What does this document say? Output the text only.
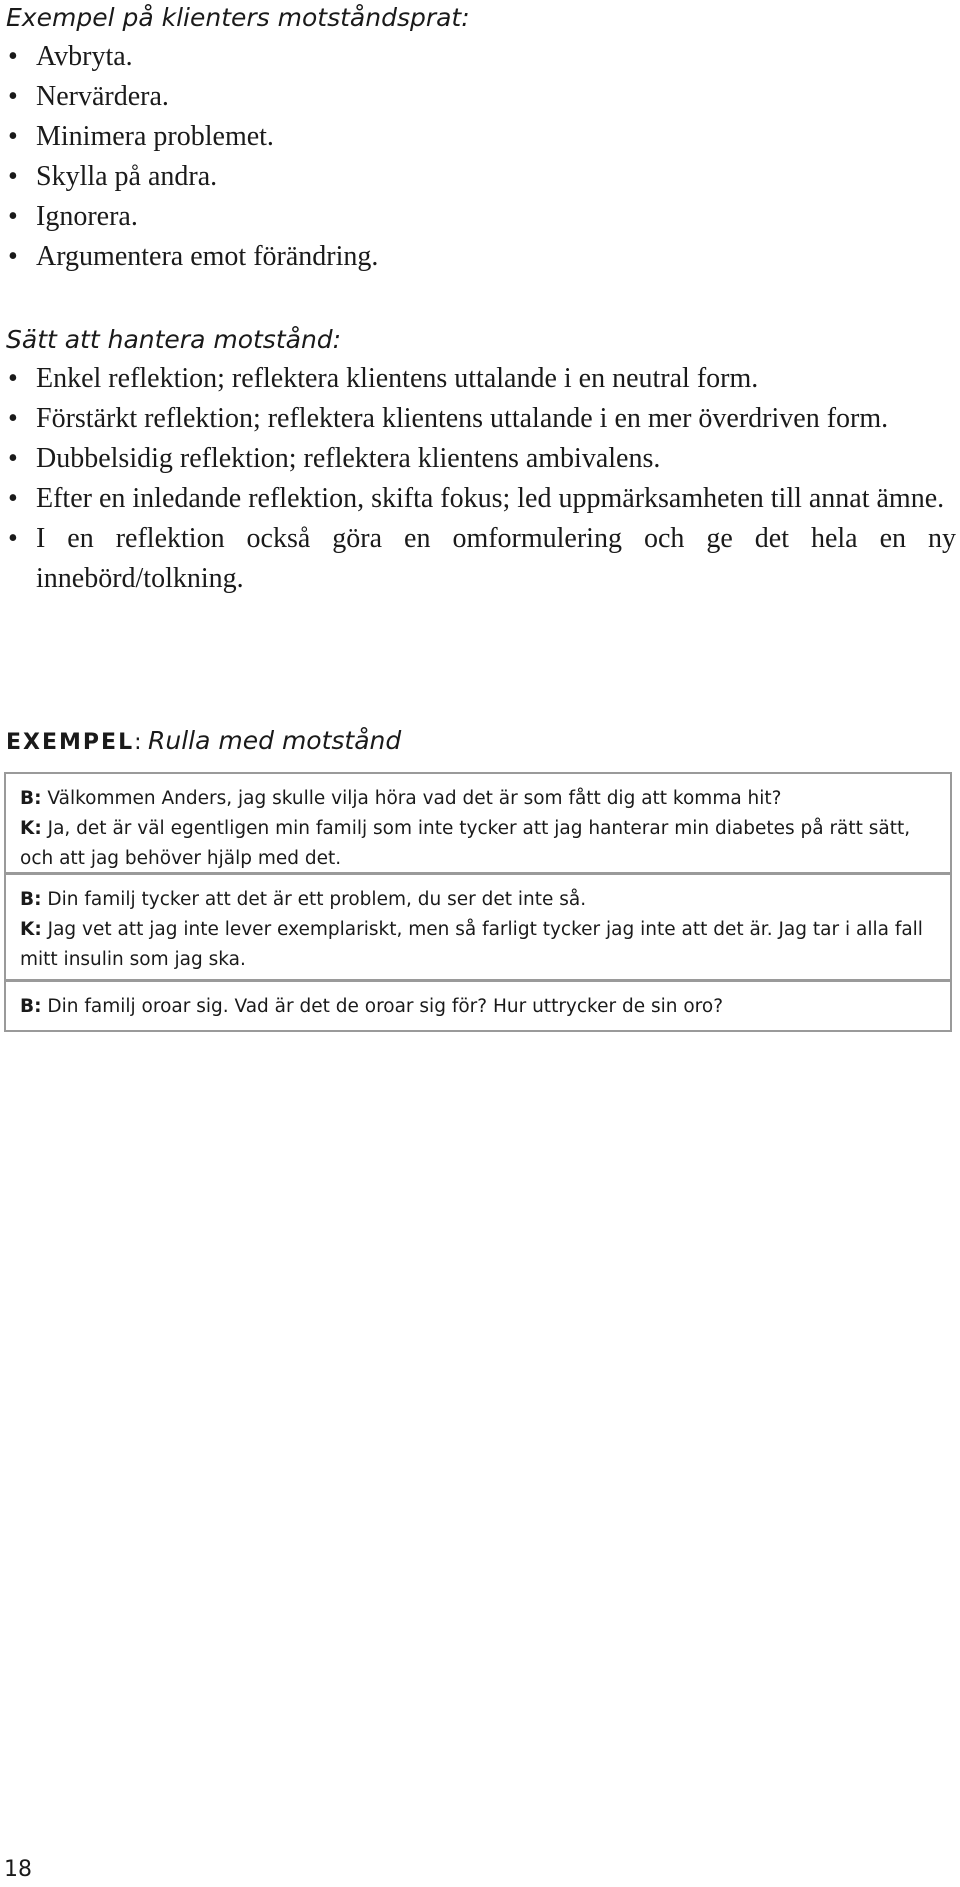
Exempel på klienters motståndsprat:
• Avbryta.
• Nervärdera.
• Minimera problemet.
• Skylla på andra.
• Ignorera.
• Argumentera emot förändring.
Sätt att hantera motstånd:
• Enkel reflektion; reflektera klientens uttalande i en neutral form.
• Förstärkt reflektion; reflektera klientens uttalande i en mer överdriven form.
• Dubbelsidig reflektion; reflektera klientens ambivalens.
• Efter en inledande reflektion, skifta fokus; led uppmärksamheten till annat ämne.
• I en reflektion också göra en omformulering och ge det hela en ny innebörd/tolkning.
EXEMPEL: Rulla med motstånd

B: Välkommen Anders, jag skulle vilja höra vad det är som fått dig att komma hit?

K: Ja, det är väl egentligen min familj som inte tycker att jag hanterar min diabetes på rätt sätt, och att jag behöver hjälp med det.

B: Din familj tycker att det är ett problem, du ser det inte så.

K: Jag vet att jag inte lever exemplariskt, men så farligt tycker jag inte att det är. Jag tar i alla fall mitt insulin som jag ska.

B: Din familj oroar sig. Vad är det de oroar sig för? Hur uttrycker de sin oro?

18
